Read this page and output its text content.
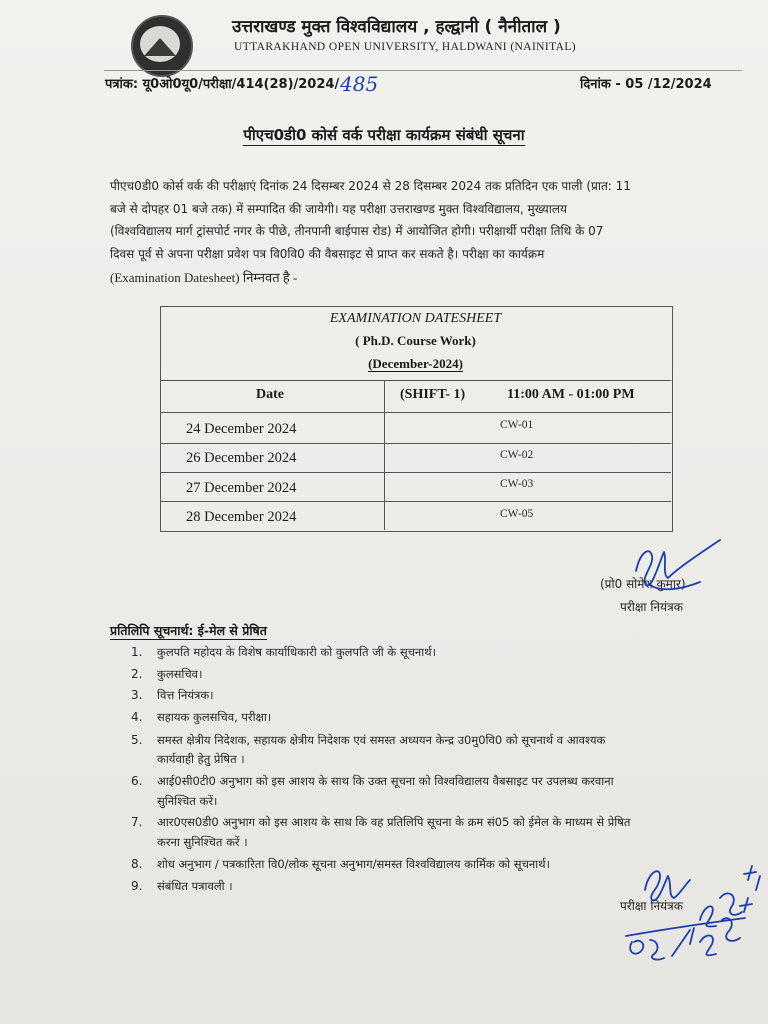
उत्तराखण्ड मुक्त विश्वविद्यालय , हल्द्वानी ( नैनीताल )
UTTARAKHAND OPEN UNIVERSITY, HALDWANI (NAINITAL)
पत्रांक: यू0ओ0यू0/परीक्षा/414(28)/2024/ 485	दिनांक - 05 /12/2024
पीएच0डी0 कोर्स वर्क परीक्षा कार्यक्रम संबंधी सूचना
पीएच0डी0 कोर्स वर्क की परीक्षाएं दिनांक 24 दिसम्बर 2024 से 28 दिसम्बर 2024 तक प्रतिदिन एक पाली (प्रात: 11
बजे से दोपहर 01 बजे तक) में सम्पादित की जायेगी। यह परीक्षा उत्तराखण्ड मुक्त विश्वविद्यालय, मुख्यालय
(विश्वविद्यालय मार्ग ट्रांसपोर्ट नगर के पीछे, तीनपानी बाईपास रोड) में आयोजित होगी। परीक्षार्थी परीक्षा तिथि के 07
दिवस पूर्व से अपना परीक्षा प्रवेश पत्र वि0वि0 की वैबसाइट से प्राप्त कर सकते है। परीक्षा का कार्यक्रम
(Examination Datesheet) निम्नवत है -
EXAMINATION DATESHEET
( Ph.D. Course Work)
(December-2024)
Date	(SHIFT- 1)	11:00 AM - 01:00 PM
24 December 2024	CW-01
26 December 2024	CW-02
27 December 2024	CW-03
28 December 2024	CW-05
(प्रो0 सोमेश कुमार)
परीक्षा नियंत्रक
प्रतिलिपि सूचनार्थ: ई-मेल से प्रेषित
1. कुलपति महोदय के विशेष कार्याधिकारी को कुलपति जी के सूचनार्थ।
2. कुलसचिव।
3. वित्त नियंत्रक।
4. सहायक कुलसचिव, परीक्षा।
5. समस्त क्षेत्रीय निदेशक, सहायक क्षेत्रीय निदेशक एवं समस्त अध्ययन केन्द्र उ0मु0वि0 को सूचनार्थ व आवश्यक
कार्यवाही हेतु प्रेषित ।
6. आई0सी0टी0 अनुभाग को इस आशय के साथ कि उक्त सूचना को विश्वविद्यालय वैबसाइट पर उपलब्ध करवाना
सुनिश्चित करें।
7. आर0एस0डी0 अनुभाग को इस आशय के साथ कि वह प्रतिलिपि सूचना के क्रम सं05 को ईमेल के माध्यम से प्रेषित
करना सुनिश्चित करें ।
8. शोध अनुभाग / पत्रकारिता वि0/लोक सूचना अनुभाग/समस्त विश्वविद्यालय कार्मिक को सूचनार्थ।
9. संबंधित पत्रावली ।
परीक्षा नियंत्रक
